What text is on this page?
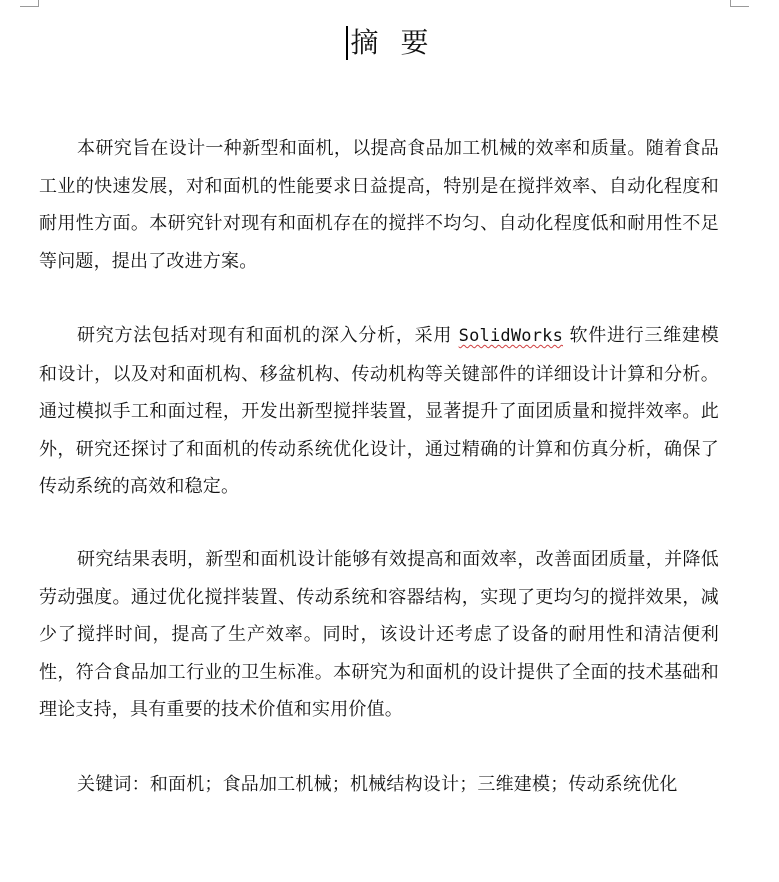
摘要

本研究旨在设计一种新型和面机，以提高食品加工机械的效率和质量。随着食品工业的快速发展，对和面机的性能要求日益提高，特别是在搅拌效率、自动化程度和耐用性方面。本研究针对现有和面机存在的搅拌不均匀、自动化程度低和耐用性不足等问题，提出了改进方案。

研究方法包括对现有和面机的深入分析，采用 SolidWorks 软件进行三维建模和设计，以及对和面机构、移盆机构、传动机构等关键部件的详细设计计算和分析。通过模拟手工和面过程，开发出新型搅拌装置，显著提升了面团质量和搅拌效率。此外，研究还探讨了和面机的传动系统优化设计，通过精确的计算和仿真分析，确保了传动系统的高效和稳定。

研究结果表明，新型和面机设计能够有效提高和面效率，改善面团质量，并降低劳动强度。通过优化搅拌装置、传动系统和容器结构，实现了更均匀的搅拌效果，减少了搅拌时间，提高了生产效率。同时，该设计还考虑了设备的耐用性和清洁便利性，符合食品加工行业的卫生标准。本研究为和面机的设计提供了全面的技术基础和理论支持，具有重要的技术价值和实用价值。

关键词：和面机；食品加工机械；机械结构设计；三维建模；传动系统优化
